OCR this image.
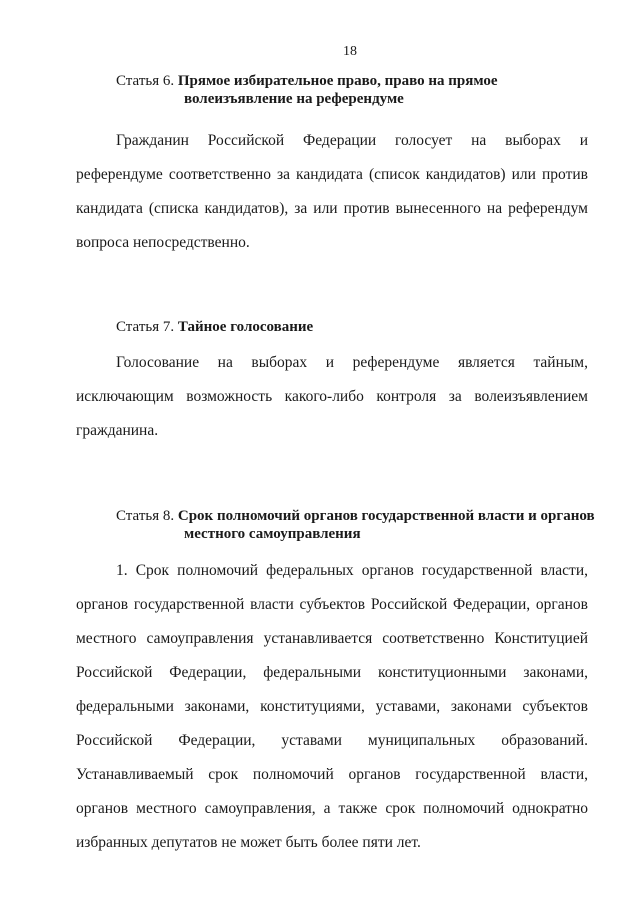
18
Статья 6. Прямое избирательное право, право на прямое
волеизъявление на референдуме

Гражданин Российской Федерации голосует на выборах и референдуме соответственно за кандидата (список кандидатов) или против кандидата (списка кандидатов), за или против вынесенного на референдум вопроса непосредственно.

Статья 7. Тайное голосование

Голосование на выборах и референдуме является тайным, исключающим возможность какого-либо контроля за волеизъявлением гражданина.

Статья 8. Срок полномочий органов государственной власти и органов
местного самоуправления

1. Срок полномочий федеральных органов государственной власти, органов государственной власти субъектов Российской Федерации, органов местного самоуправления устанавливается соответственно Конституцией Российской Федерации, федеральными конституционными законами, федеральными законами, конституциями, уставами, законами субъектов Российской Федерации, уставами муниципальных образований. Устанавливаемый срок полномочий органов государственной власти, органов местного самоуправления, а также срок полномочий однократно избранных депутатов не может быть более пяти лет.
